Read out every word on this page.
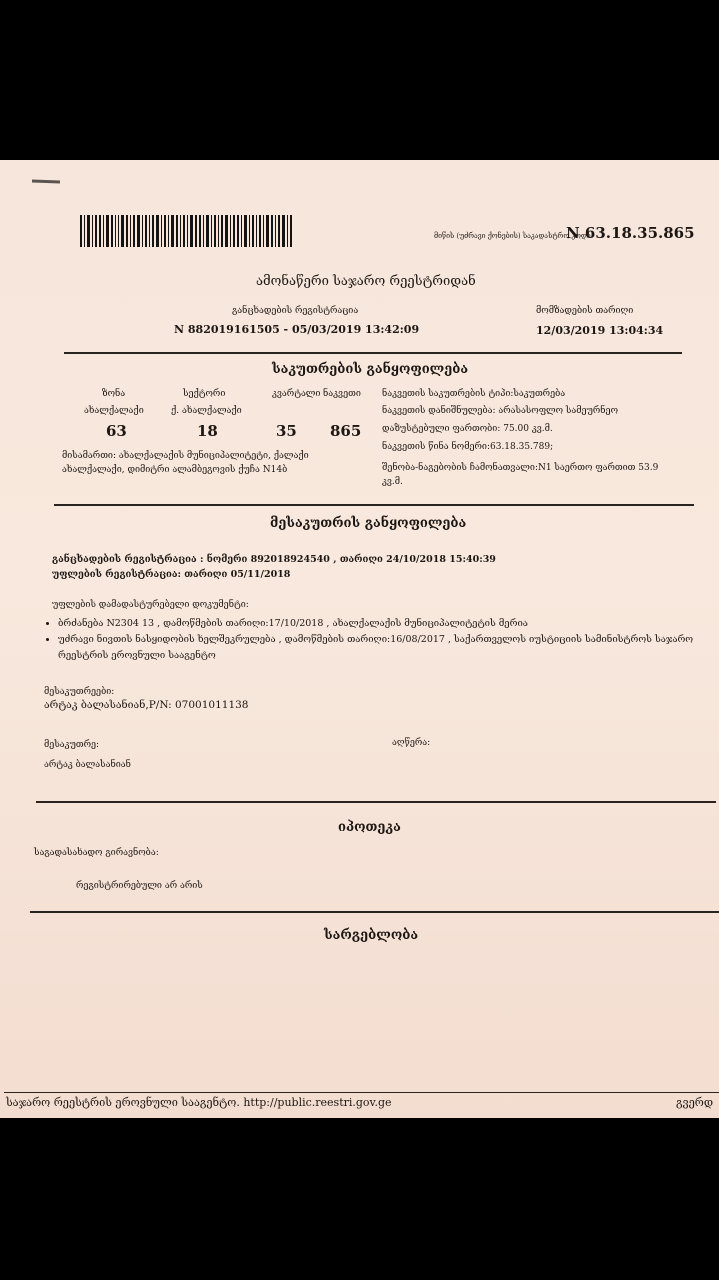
მიწის (უძრავი ქონების) საკადასტრო კოდი
N 63.18.35.865
ამონაწერი საჯარო რეესტრიდან
განცხადების რეგისტრაცია
N 882019161505 - 05/03/2019 13:42:09
მომზადების თარიღი
12/03/2019 13:04:34
საკუთრების განყოფილება
ზონა	სექტორი	კვარტალი ნაკვეთი
ახალქალაქი	ქ. ახალქალაქი
63	18	35 865
მისამართი: ახალქალაქის მუნიციპალიტეტი, ქალაქი ახალქალაქი, დიმიტრი ალამბეგოვის ქუჩა N14ბ
ნაკვეთის საკუთრების ტიპი:საკუთრება
ნაკვეთის დანიშნულება: არასასოფლო სამეურნეო
დაზუსტებული ფართობი: 75.00 კვ.მ.
ნაკვეთის წინა ნომერი:63.18.35.789;
შენობა-ნაგებობის ჩამონათვალი:N1 საერთო ფართით 53.9 კვ.მ.
მესაკუთრის განყოფილება
განცხადების რეგისტრაცია : ნომერი 892018924540 , თარიღი 24/10/2018 15:40:39
უფლების რეგისტრაცია: თარიღი 05/11/2018
უფლების დამადასტურებელი დოკუმენტი:
• ბრძანება N2304 13 , დამოწმების თარიღი:17/10/2018 , ახალქალაქის მუნიციპალიტეტის მერია
• უძრავი ნივთის ნასყიდობის ხელშეკრულება , დამოწმების თარიღი:16/08/2017 , საქართველოს იუსტიციის სამინისტროს საჯარო რეესტრის ეროვნული სააგენტო
მესაკუთრეები:
არტაკ ბალასანიან,P/N: 07001011138
მესაკუთრე:
არტაკ ბალასანიან
აღწერა:
იპოთეკა
საგადასახადო გირავნობა:
რეგისტრირებული არ არის
სარგებლობა
საჯარო რეესტრის ეროვნული სააგენტო. http://public.reestri.gov.ge	გვერდ
